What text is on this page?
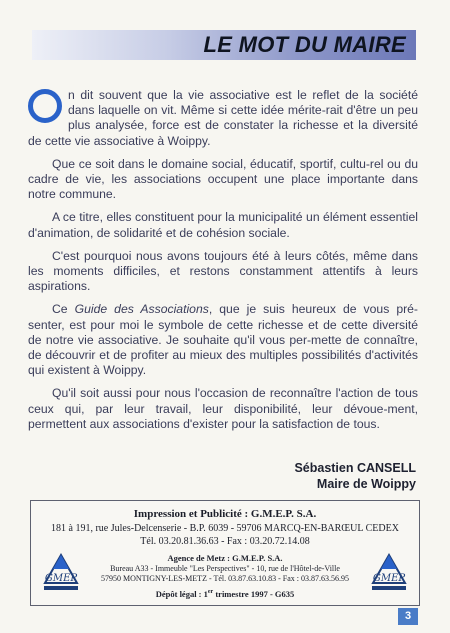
LE MOT DU MAIRE

n dit souvent que la vie associative est le reflet de la société dans laquelle on vit. Même si cette idée mérite-rait d'être un peu plus analysée, force est de constater la richesse et la diversité de cette vie associative à Woippy.

Que ce soit dans le domaine social, éducatif, sportif, cultu-rel ou du cadre de vie, les associations occupent une place importante dans notre commune.

A ce titre, elles constituent pour la municipalité un élément essentiel d'animation, de solidarité et de cohésion sociale.

C'est pourquoi nous avons toujours été à leurs côtés, même dans les moments difficiles, et restons constamment attentifs à leurs aspirations.

Ce Guide des Associations, que je suis heureux de vous pré-senter, est pour moi le symbole de cette richesse et de cette diversité de notre vie associative. Je souhaite qu'il vous per-mette de connaître, de découvrir et de profiter au mieux des multiples possibilités d'activités qui existent à Woippy.

Qu'il soit aussi pour nous l'occasion de reconnaître l'action de tous ceux qui, par leur travail, leur disponibilité, leur dévoue-ment, permettent aux associations d'exister pour la satisfaction de tous.

Sébastien CANSELL
Maire de Woippy
Impression et Publicité : G.M.E.P. S.A.
181 à 191, rue Jules-Delcenserie - B.P. 6039 - 59706 MARCQ-EN-BARŒUL CEDEX
Tél. 03.20.81.36.63 - Fax : 03.20.72.14.08
Agence de Metz : G.M.E.P. S.A.
Bureau A33 - Immeuble "Les Perspectives" - 10, rue de l'Hôtel-de-Ville
57950 MONTIGNY-LES-METZ - Tél. 03.87.63.10.83 - Fax : 03.87.63.56.95
Dépôt légal : 1er trimestre 1997 - G635
GMEP	GMEP
3
